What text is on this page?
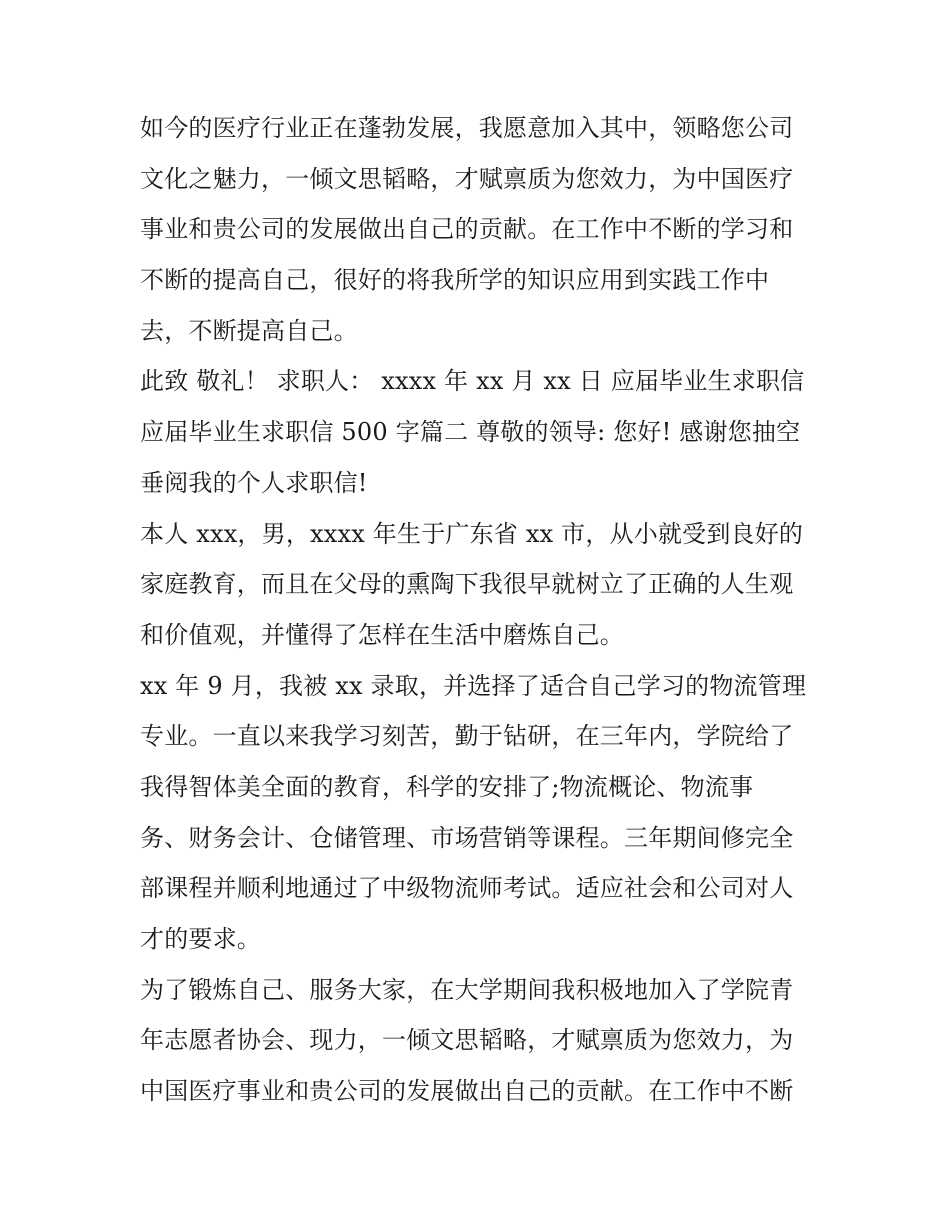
如今的医疗行业正在蓬勃发展，我愿意加入其中，领略您公司
文化之魅力，一倾文思韬略，才赋禀质为您效力，为中国医疗
事业和贵公司的发展做出自己的贡献。在工作中不断的学习和
不断的提高自己，很好的将我所学的知识应用到实践工作中
去，不断提高自己。
此致 敬礼！ 求职人： xxxx 年 xx 月 xx 日 应届毕业生求职信
应届毕业生求职信 500 字篇二 尊敬的领导: 您好! 感谢您抽空
垂阅我的个人求职信!
本人 xxx，男，xxxx 年生于广东省 xx 市，从小就受到良好的
家庭教育，而且在父母的熏陶下我很早就树立了正确的人生观
和价值观，并懂得了怎样在生活中磨炼自己。
xx 年 9 月，我被 xx 录取，并选择了适合自己学习的物流管理
专业。一直以来我学习刻苦，勤于钻研，在三年内，学院给了
我得智体美全面的教育，科学的安排了;物流概论、物流事
务、财务会计、仓储管理、市场营销等课程。三年期间修完全
部课程并顺利地通过了中级物流师考试。适应社会和公司对人
才的要求。
为了锻炼自己、服务大家，在大学期间我积极地加入了学院青
年志愿者协会、现力，一倾文思韬略，才赋禀质为您效力，为
中国医疗事业和贵公司的发展做出自己的贡献。在工作中不断
